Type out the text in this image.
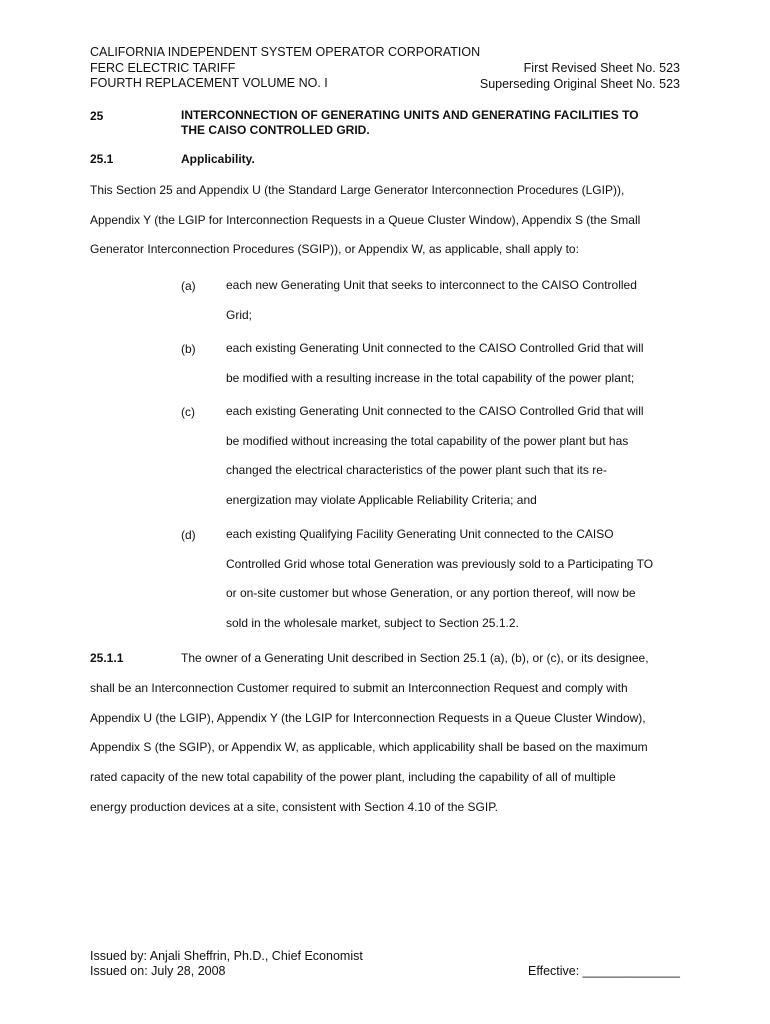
CALIFORNIA INDEPENDENT SYSTEM OPERATOR CORPORATION
FERC ELECTRIC TARIFF
FOURTH REPLACEMENT VOLUME NO. I
First Revised Sheet No. 523
Superseding Original Sheet No. 523
25	INTERCONNECTION OF GENERATING UNITS AND GENERATING FACILITIES TO
THE CAISO CONTROLLED GRID.
25.1	Applicability.
This Section 25 and Appendix U (the Standard Large Generator Interconnection Procedures (LGIP)),
Appendix Y (the LGIP for Interconnection Requests in a Queue Cluster Window), Appendix S (the Small
Generator Interconnection Procedures (SGIP)), or Appendix W, as applicable, shall apply to:
(a)	each new Generating Unit that seeks to interconnect to the CAISO Controlled
Grid;
(b)	each existing Generating Unit connected to the CAISO Controlled Grid that will
be modified with a resulting increase in the total capability of the power plant;
(c)	each existing Generating Unit connected to the CAISO Controlled Grid that will
be modified without increasing the total capability of the power plant but has
changed the electrical characteristics of the power plant such that its re-
energization may violate Applicable Reliability Criteria; and
(d)	each existing Qualifying Facility Generating Unit connected to the CAISO
Controlled Grid whose total Generation was previously sold to a Participating TO
or on-site customer but whose Generation, or any portion thereof, will now be
sold in the wholesale market, subject to Section 25.1.2.
25.1.1	The owner of a Generating Unit described in Section 25.1 (a), (b), or (c), or its designee,
shall be an Interconnection Customer required to submit an Interconnection Request and comply with
Appendix U (the LGIP), Appendix Y (the LGIP for Interconnection Requests in a Queue Cluster Window),
Appendix S (the SGIP), or Appendix W, as applicable, which applicability shall be based on the maximum
rated capacity of the new total capability of the power plant, including the capability of all of multiple
energy production devices at a site, consistent with Section 4.10 of the SGIP.
Issued by: Anjali Sheffrin, Ph.D., Chief Economist
Issued on: July 28, 2008	Effective: ______________
